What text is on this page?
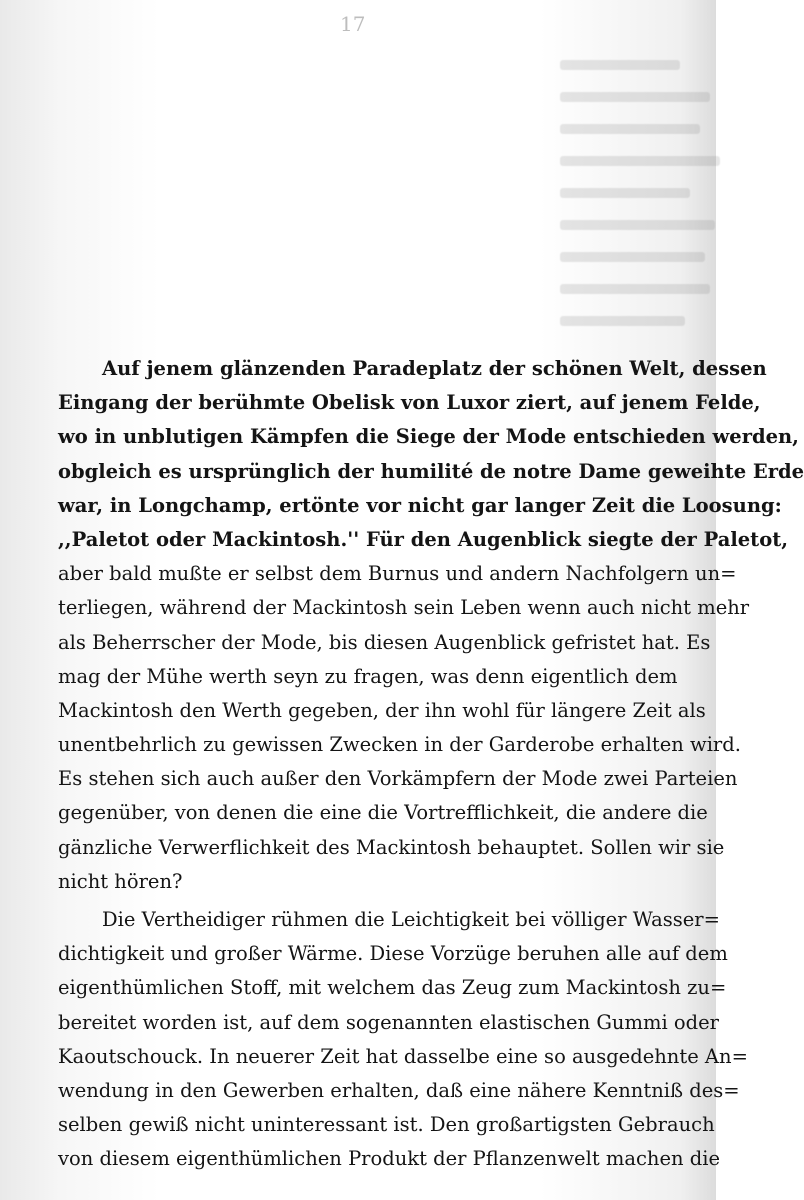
17
Auf jenem glänzenden Paradeplatz der schönen Welt, dessen
Eingang der berühmte Obelisk von Luxor ziert, auf jenem Felde,
wo in unblutigen Kämpfen die Siege der Mode entschieden werden,
obgleich es ursprünglich der humilité de notre Dame geweihte Erde
war, in Longchamp, ertönte vor nicht gar langer Zeit die Loosung:
,,Paletot oder Mackintosh.'' Für den Augenblick siegte der Paletot,
aber bald mußte er selbst dem Burnus und andern Nachfolgern un=
terliegen, während der Mackintosh sein Leben wenn auch nicht mehr
als Beherrscher der Mode, bis diesen Augenblick gefristet hat. Es
mag der Mühe werth seyn zu fragen, was denn eigentlich dem
Mackintosh den Werth gegeben, der ihn wohl für längere Zeit als
unentbehrlich zu gewissen Zwecken in der Garderobe erhalten wird.
Es stehen sich auch außer den Vorkämpfern der Mode zwei Parteien
gegenüber, von denen die eine die Vortrefflichkeit, die andere die
gänzliche Verwerflichkeit des Mackintosh behauptet. Sollen wir sie
nicht hören?
Die Vertheidiger rühmen die Leichtigkeit bei völliger Wasser=
dichtigkeit und großer Wärme. Diese Vorzüge beruhen alle auf dem
eigenthümlichen Stoff, mit welchem das Zeug zum Mackintosh zu=
bereitet worden ist, auf dem sogenannten elastischen Gummi oder
Kaoutschouck. In neuerer Zeit hat dasselbe eine so ausgedehnte An=
wendung in den Gewerben erhalten, daß eine nähere Kenntniß des=
selben gewiß nicht uninteressant ist. Den großartigsten Gebrauch
von diesem eigenthümlichen Produkt der Pflanzenwelt machen die
